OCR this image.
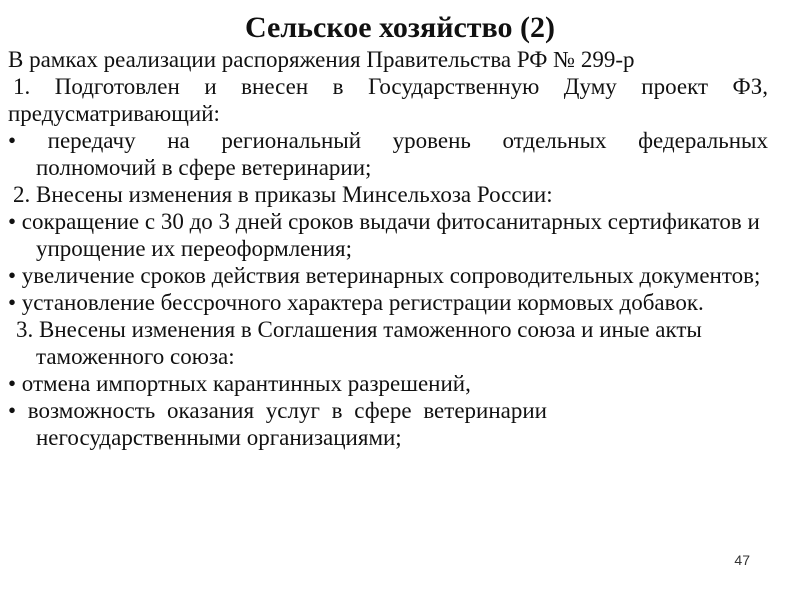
Сельское хозяйство (2)

В рамках реализации распоряжения Правительства РФ № 299-р

1. Подготовлен и внесен в Государственную Думу проект ФЗ,

предусматривающий:

• передачу на региональный уровень отдельных федеральных

полномочий в сфере ветеринарии;

2. Внесены изменения в приказы Минсельхоза России:

• сокращение с 30 до 3 дней сроков выдачи фитосанитарных сертификатов и упрощение их переоформления;

• увеличение сроков действия ветеринарных сопроводительных документов;

• установление бессрочного характера регистрации кормовых добавок.

3. Внесены изменения в Соглашения таможенного союза и иные акты таможенного союза:

• отмена импортных карантинных разрешений,

• возможность оказания услуг в сфере ветеринарии

негосударственными организациями;

47
